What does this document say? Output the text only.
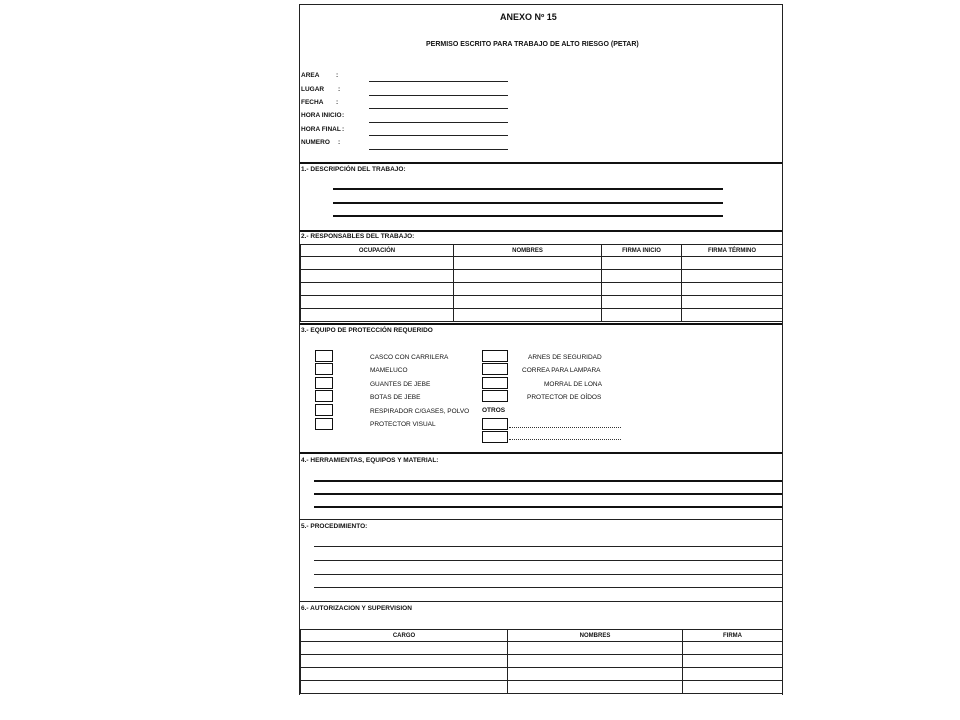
ANEXO Nº 15
PERMISO ESCRITO PARA TRABAJO DE ALTO RIESGO (PETAR)
AREA	:
LUGAR :
FECHA :
HORA INICIO :
HORA FINAL :
NUMERO :
1.- DESCRIPCIÓN DEL TRABAJO:
2.- RESPONSABLES DEL TRABAJO:
OCUPACIÓN	NOMBRES	FIRMA INICIO	FIRMA TÉRMINO

3.- EQUIPO DE PROTECCIÓN REQUERIDO
CASCO CON CARRILERA
MAMELUCO
GUANTES DE JEBE
BOTAS DE JEBE
RESPIRADOR C/GASES, POLVO
PROTECTOR VISUAL
ARNES DE SEGURIDAD
CORREA PARA LAMPARA
MORRAL DE LONA
PROTECTOR DE OÍDOS
OTROS
4.- HERRAMIENTAS, EQUIPOS Y MATERIAL:
5.- PROCEDIMIENTO:
6.- AUTORIZACION Y SUPERVISION
CARGO	NOMBRES	FIRMA
